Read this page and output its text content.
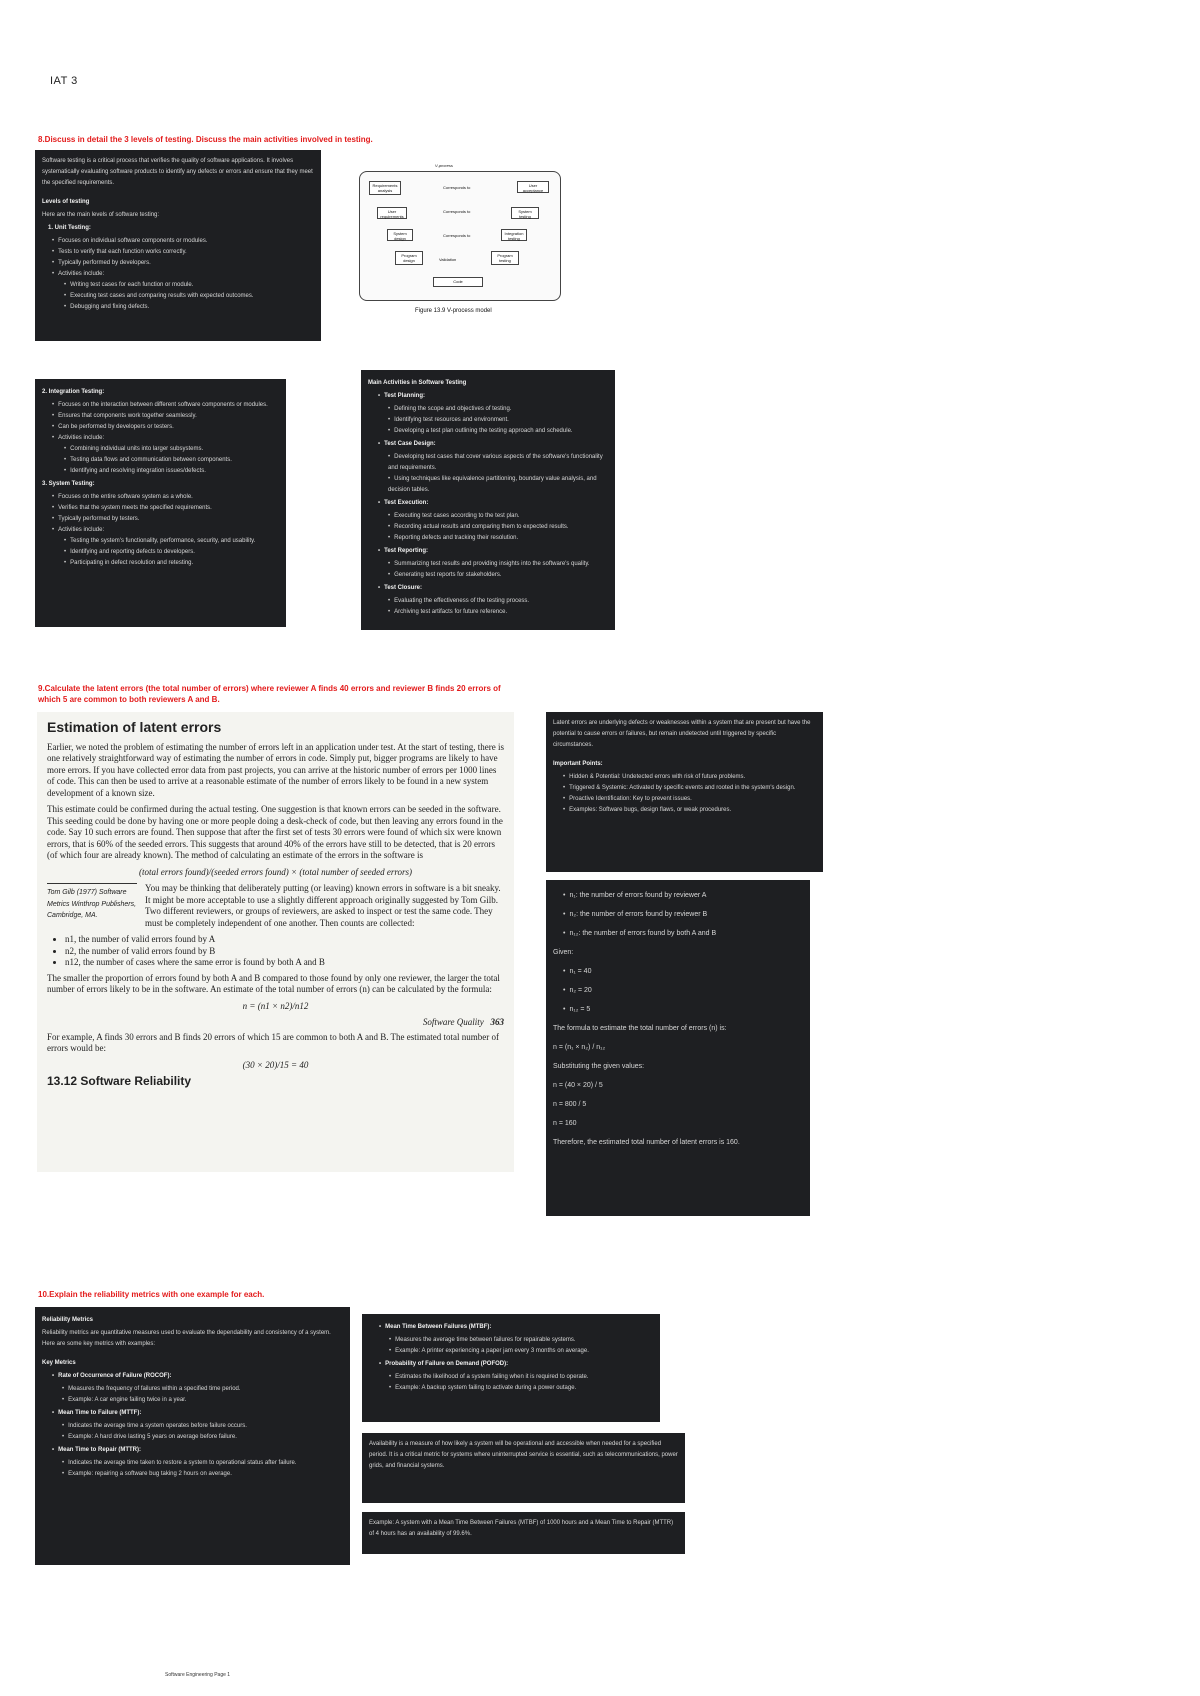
IAT 3
8.Discuss in detail the 3 levels of testing. Discuss the main activities involved in testing.

Software testing is a critical process that verifies the quality of software applications. It involves systematically evaluating software products to identify any defects or errors and ensure that they meet the specified requirements.

Levels of testing

Here are the main levels of software testing:

1. Unit Testing:
• Focuses on individual software components or modules.
• Tests to verify that each function works correctly.
• Typically performed by developers.
• Activities include:
• Writing test cases for each function or module.
• Executing test cases and comparing results with expected outcomes.
• Debugging and fixing defects.
V-process
Requirements analysis
User requirements
System design
Program design
Code
Program testing
Integration testing
System testing
User acceptance
Corresponds to
Corresponds to
Corresponds to
Validation
Figure 13.9 V-process model
2. Integration Testing:
• Focuses on the interaction between different software components or modules.
• Ensures that components work together seamlessly.
• Can be performed by developers or testers.
• Activities include:
• Combining individual units into larger subsystems.
• Testing data flows and communication between components.
• Identifying and resolving integration issues/defects.
3. System Testing:
• Focuses on the entire software system as a whole.
• Verifies that the system meets the specified requirements.
• Typically performed by testers.
• Activities include:
• Testing the system's functionality, performance, security, and usability.
• Identifying and reporting defects to developers.
• Participating in defect resolution and retesting.
Main Activities in Software Testing
• Test Planning:
• Defining the scope and objectives of testing.
• Identifying test resources and environment.
• Developing a test plan outlining the testing approach and schedule.
• Test Case Design:
• Developing test cases that cover various aspects of the software's functionality and requirements.
• Using techniques like equivalence partitioning, boundary value analysis, and decision tables.
• Test Execution:
• Executing test cases according to the test plan.
• Recording actual results and comparing them to expected results.
• Reporting defects and tracking their resolution.
• Test Reporting:
• Summarizing test results and providing insights into the software's quality.
• Generating test reports for stakeholders.
• Test Closure:
• Evaluating the effectiveness of the testing process.
• Archiving test artifacts for future reference.
9.Calculate the latent errors (the total number of errors) where reviewer A finds 40 errors and reviewer B finds 20 errors of which 5 are common to both reviewers A and B.
Estimation of latent errors

Earlier, we noted the problem of estimating the number of errors left in an application under test. At the start of testing, there is one relatively straightforward way of estimating the number of errors in code. Simply put, bigger programs are likely to have more errors. If you have collected error data from past projects, you can arrive at the historic number of errors per 1000 lines of code. This can then be used to arrive at a reasonable estimate of the number of errors likely to be found in a new system development of a known size.

This estimate could be confirmed during the actual testing. One suggestion is that known errors can be seeded in the software. This seeding could be done by having one or more people doing a desk-check of code, but then leaving any errors found in the code. Say 10 such errors are found. Then suppose that after the first set of tests 30 errors were found of which six were known errors, that is 60% of the seeded errors. This suggests that around 40% of the errors have still to be detected, that is 20 errors (of which four are already known). The method of calculating an estimate of the errors in the software is

(total errors found)/(seeded errors found) × (total number of seeded errors)
Tom Gilb (1977) Software Metrics Winthrop Publishers, Cambridge, MA.

You may be thinking that deliberately putting (or leaving) known errors in software is a bit sneaky. It might be more acceptable to use a slightly different approach originally suggested by Tom Gilb. Two different reviewers, or groups of reviewers, are asked to inspect or test the same code. They must be completely independent of one another. Then counts are collected:

• n1, the number of valid errors found by A
• n2, the number of valid errors found by B
• n12, the number of cases where the same error is found by both A and B

The smaller the proportion of errors found by both A and B compared to those found by only one reviewer, the larger the total number of errors likely to be in the software. An estimate of the total number of errors (n) can be calculated by the formula:

n = (n1 × n2)/n12
Software Quality 363

For example, A finds 30 errors and B finds 20 errors of which 15 are common to both A and B. The estimated total number of errors would be:

(30 × 20)/15 = 40
13.12 Software Reliability

Latent errors are underlying defects or weaknesses within a system that are present but have the potential to cause errors or failures, but remain undetected until triggered by specific circumstances.

Important Points:
• Hidden & Potential: Undetected errors with risk of future problems.
• Triggered & Systemic: Activated by specific events and rooted in the system's design.
• Proactive Identification: Key to prevent issues.
• Examples: Software bugs, design flaws, or weak procedures.
• n₁: the number of errors found by reviewer A
• n₂: the number of errors found by reviewer B
• n₁₂: the number of errors found by both A and B

Given:

• n₁ = 40
• n₂ = 20
• n₁₂ = 5

The formula to estimate the total number of errors (n) is:

n = (n₁ × n₂) / n₁₂

Substituting the given values:

n = (40 × 20) / 5

n = 800 / 5

n = 160

Therefore, the estimated total number of latent errors is 160.

10.Explain the reliability metrics with one example for each.
Reliability Metrics

Reliability metrics are quantitative measures used to evaluate the dependability and consistency of a system. Here are some key metrics with examples:

Key Metrics
• Rate of Occurrence of Failure (ROCOF):
• Measures the frequency of failures within a specified time period.
• Example: A car engine failing twice in a year.
• Mean Time to Failure (MTTF):
• Indicates the average time a system operates before failure occurs.
• Example: A hard drive lasting 5 years on average before failure.
• Mean Time to Repair (MTTR):
• Indicates the average time taken to restore a system to operational status after failure.
• Example: repairing a software bug taking 2 hours on average.
• Mean Time Between Failures (MTBF):
• Measures the average time between failures for repairable systems.
• Example: A printer experiencing a paper jam every 3 months on average.
• Probability of Failure on Demand (POFOD):
• Estimates the likelihood of a system failing when it is required to operate.
• Example: A backup system failing to activate during a power outage.

Availability is a measure of how likely a system will be operational and accessible when needed for a specified period. It is a critical metric for systems where uninterrupted service is essential, such as telecommunications, power grids, and financial systems.

Example: A system with a Mean Time Between Failures (MTBF) of 1000 hours and a Mean Time to Repair (MTTR) of 4 hours has an availability of 99.6%.

Software Engineering Page 1
